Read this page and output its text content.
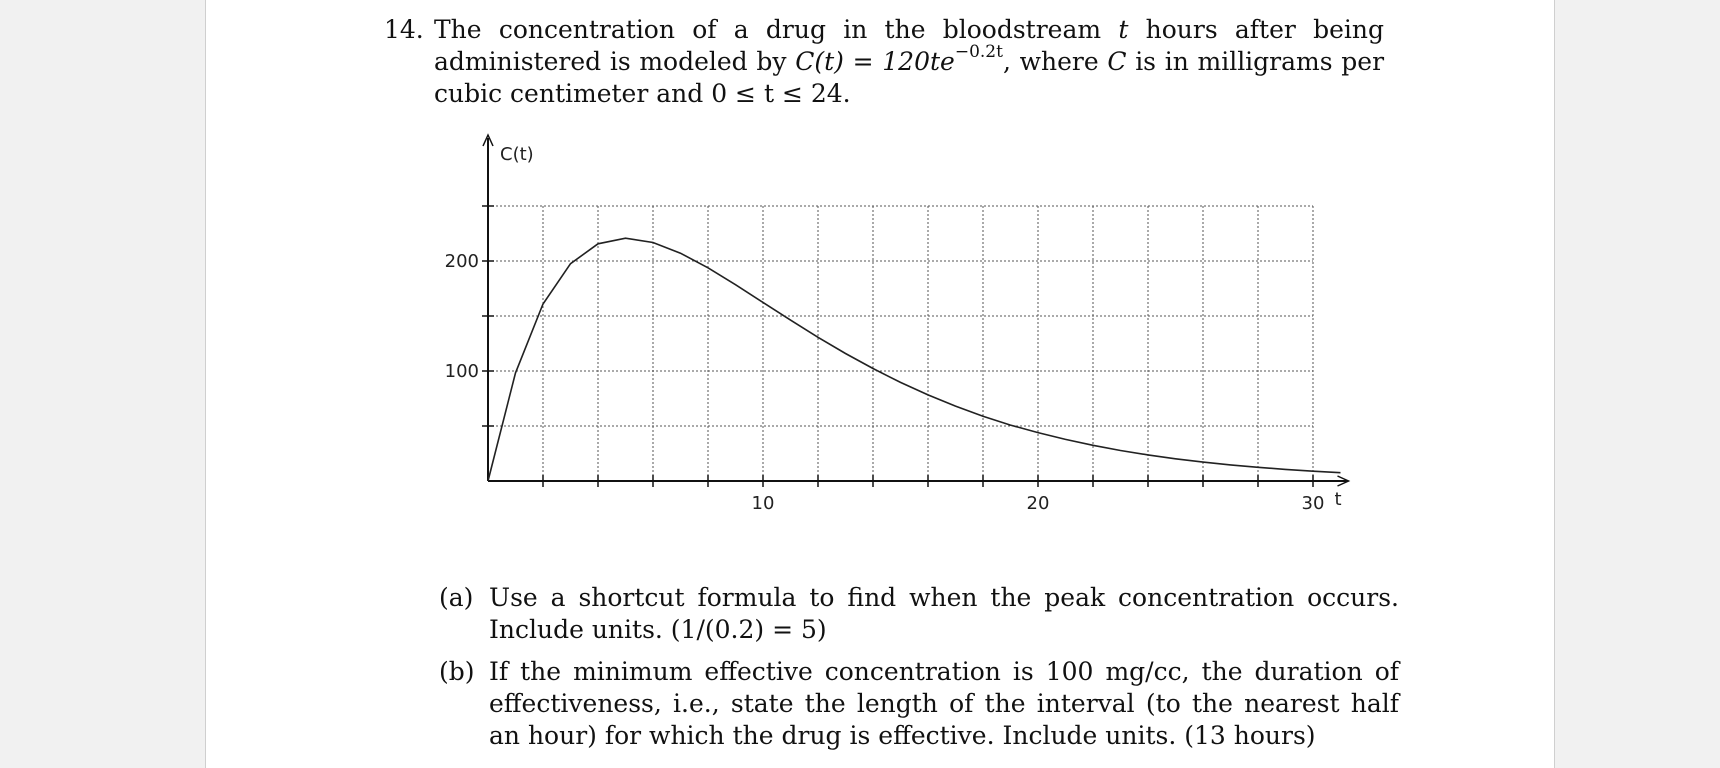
14. The concentration of a drug in the bloodstream t hours after being administered is modeled by $C(t) = 120te^{-0.2t}$, where C is in milligrams per cubic centimeter and 0 ≤ t ≤ 24.
10	20	30
100
200
C(t)
t
(a) Use a shortcut formula to find when the peak concentration occurs. Include units. (1/(0.2) = 5)
(b) If the minimum effective concentration is 100 mg/cc, the duration of effectiveness, i.e., state the length of the interval (to the nearest half an hour) for which the drug is effective. Include units. (13 hours)
